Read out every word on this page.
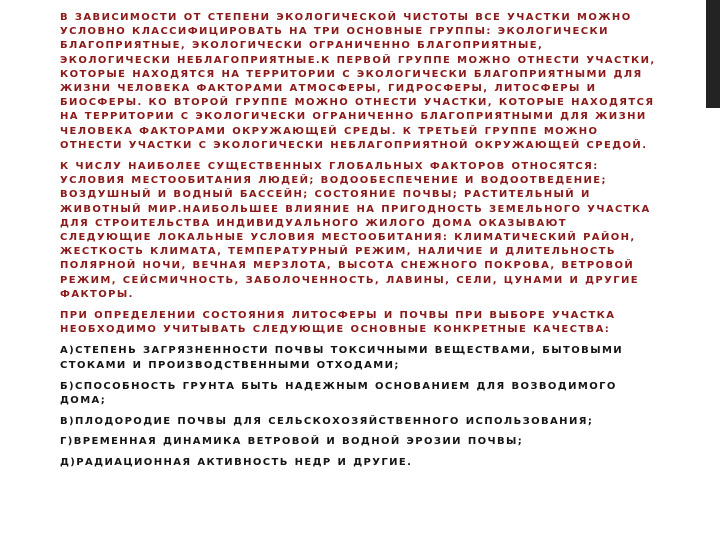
В ЗАВИСИМОСТИ ОТ СТЕПЕНИ ЭКОЛОГИЧЕСКОЙ ЧИСТОТЫ ВСЕ УЧАСТКИ МОЖНО УСЛОВНО КЛАССИФИЦИРОВАТЬ НА ТРИ ОСНОВНЫЕ ГРУППЫ: ЭКОЛОГИЧЕСКИ БЛАГОПРИЯТНЫЕ, ЭКОЛОГИЧЕСКИ ОГРАНИЧЕННО БЛАГОПРИЯТНЫЕ, ЭКОЛОГИЧЕСКИ НЕБЛАГОПРИЯТНЫЕ.К ПЕРВОЙ ГРУППЕ МОЖНО ОТНЕСТИ УЧАСТКИ, КОТОРЫЕ НАХОДЯТСЯ НА ТЕРРИТОРИИ С ЭКОЛОГИЧЕСКИ БЛАГОПРИЯТНЫМИ ДЛЯ ЖИЗНИ ЧЕЛОВЕКА ФАКТОРАМИ АТМОСФЕРЫ, ГИДРОСФЕРЫ, ЛИТОСФЕРЫ И БИОСФЕРЫ. КО ВТОРОЙ ГРУППЕ МОЖНО ОТНЕСТИ УЧАСТКИ, КОТОРЫЕ НАХОДЯТСЯ НА ТЕРРИТОРИИ С ЭКОЛОГИЧЕСКИ ОГРАНИЧЕННО БЛАГОПРИЯТНЫМИ ДЛЯ ЖИЗНИ ЧЕЛОВЕКА ФАКТОРАМИ ОКРУЖАЮЩЕЙ СРЕДЫ. К ТРЕТЬЕЙ ГРУППЕ МОЖНО ОТНЕСТИ УЧАСТКИ С ЭКОЛОГИЧЕСКИ НЕБЛАГОПРИЯТНОЙ ОКРУЖАЮЩЕЙ СРЕДОЙ.

К ЧИСЛУ НАИБОЛЕЕ СУЩЕСТВЕННЫХ ГЛОБАЛЬНЫХ ФАКТОРОВ ОТНОСЯТСЯ: УСЛОВИЯ МЕСТООБИТАНИЯ ЛЮДЕЙ; ВОДООБЕСПЕЧЕНИЕ И ВОДООТВЕДЕНИЕ; ВОЗДУШНЫЙ И ВОДНЫЙ БАССЕЙН; СОСТОЯНИЕ ПОЧВЫ; РАСТИТЕЛЬНЫЙ И ЖИВОТНЫЙ МИР.НАИБОЛЬШЕЕ ВЛИЯНИЕ НА ПРИГОДНОСТЬ ЗЕМЕЛЬНОГО УЧАСТКА ДЛЯ СТРОИТЕЛЬСТВА ИНДИВИДУАЛЬНОГО ЖИЛОГО ДОМА ОКАЗЫВАЮТ СЛЕДУЮЩИЕ ЛОКАЛЬНЫЕ УСЛОВИЯ МЕСТООБИТАНИЯ: КЛИМАТИЧЕСКИЙ РАЙОН, ЖЕСТКОСТЬ КЛИМАТА, ТЕМПЕРАТУРНЫЙ РЕЖИМ, НАЛИЧИЕ И ДЛИТЕЛЬНОСТЬ ПОЛЯРНОЙ НОЧИ, ВЕЧНАЯ МЕРЗЛОТА, ВЫСОТА СНЕЖНОГО ПОКРОВА, ВЕТРОВОЙ РЕЖИМ, СЕЙСМИЧНОСТЬ, ЗАБОЛОЧЕННОСТЬ, ЛАВИНЫ, СЕЛИ, ЦУНАМИ И ДРУГИЕ ФАКТОРЫ.

ПРИ ОПРЕДЕЛЕНИИ СОСТОЯНИЯ ЛИТОСФЕРЫ И ПОЧВЫ ПРИ ВЫБОРЕ УЧАСТКА НЕОБХОДИМО УЧИТЫВАТЬ СЛЕДУЮЩИЕ ОСНОВНЫЕ КОНКРЕТНЫЕ КАЧЕСТВА:

А)СТЕПЕНЬ ЗАГРЯЗНЕННОСТИ ПОЧВЫ ТОКСИЧНЫМИ ВЕЩЕСТВАМИ, БЫТОВЫМИ СТОКАМИ И ПРОИЗВОДСТВЕННЫМИ ОТХОДАМИ;

Б)СПОСОБНОСТЬ ГРУНТА БЫТЬ НАДЕЖНЫМ ОСНОВАНИЕМ ДЛЯ ВОЗВОДИМОГО ДОМА;

В)ПЛОДОРОДИЕ ПОЧВЫ ДЛЯ СЕЛЬСКОХОЗЯЙСТВЕННОГО ИСПОЛЬЗОВАНИЯ;

Г)ВРЕМЕННАЯ ДИНАМИКА ВЕТРОВОЙ И ВОДНОЙ ЭРОЗИИ ПОЧВЫ;

Д)РАДИАЦИОННАЯ АКТИВНОСТЬ НЕДР И ДРУГИЕ.
